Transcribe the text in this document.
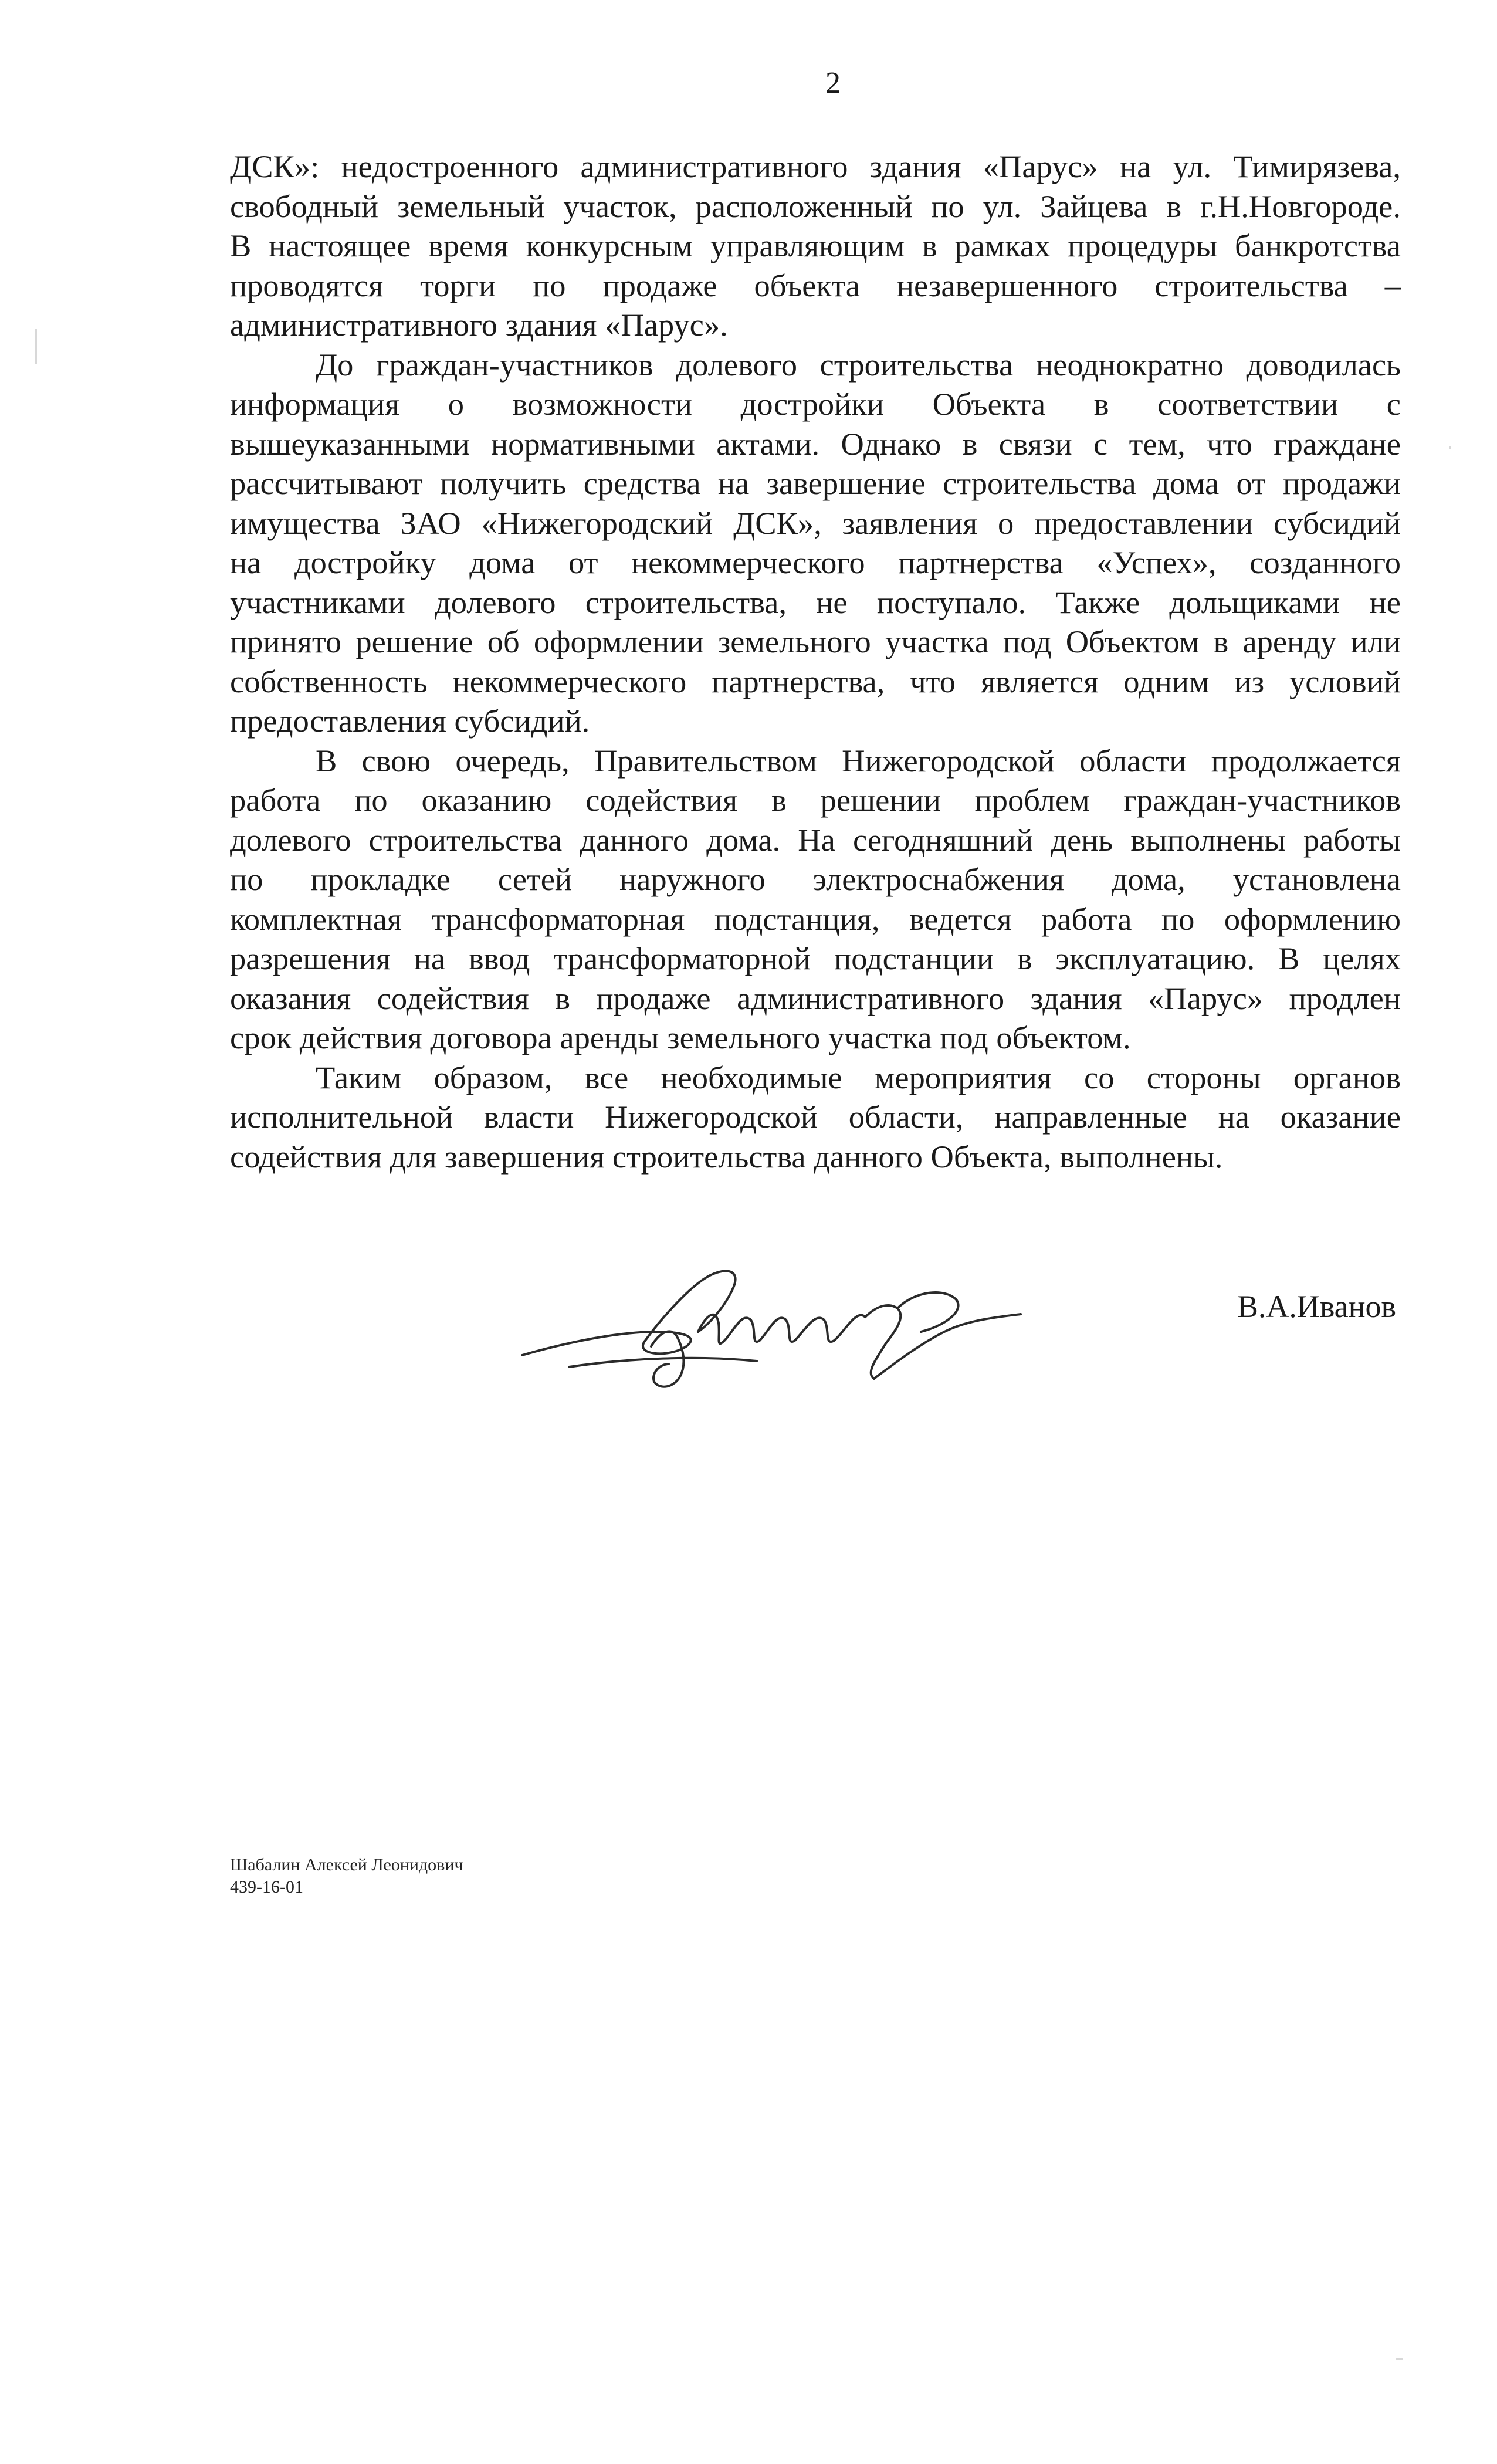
2

ДСК»: недостроенного административного здания «Парус» на ул. Тимирязева,
свободный земельный участок, расположенный по ул. Зайцева в г.Н.Новгороде.
В настоящее время конкурсным управляющим в рамках процедуры банкротства
проводятся торги по продаже объекта незавершенного строительства –
административного здания «Парус».

До граждан-участников долевого строительства неоднократно доводилась
информация о возможности достройки Объекта в соответствии с
вышеуказанными нормативными актами. Однако в связи с тем, что граждане
рассчитывают получить средства на завершение строительства дома от продажи
имущества ЗАО «Нижегородский ДСК», заявления о предоставлении субсидий
на достройку дома от некоммерческого партнерства «Успех», созданного
участниками долевого строительства, не поступало. Также дольщиками не
принято решение об оформлении земельного участка под Объектом в аренду или
собственность некоммерческого партнерства, что является одним из условий
предоставления субсидий.

В свою очередь, Правительством Нижегородской области продолжается
работа по оказанию содействия в решении проблем граждан-участников
долевого строительства данного дома. На сегодняшний день выполнены работы
по прокладке сетей наружного электроснабжения дома, установлена
комплектная трансформаторная подстанция, ведется работа по оформлению
разрешения на ввод трансформаторной подстанции в эксплуатацию. В целях
оказания содействия в продаже административного здания «Парус» продлен
срок действия договора аренды земельного участка под объектом.

Таким образом, все необходимые мероприятия со стороны органов
исполнительной власти Нижегородской области, направленные на оказание
содействия для завершения строительства данного Объекта, выполнены.

В.А.Иванов
Шабалин Алексей Леонидович
439-16-01
